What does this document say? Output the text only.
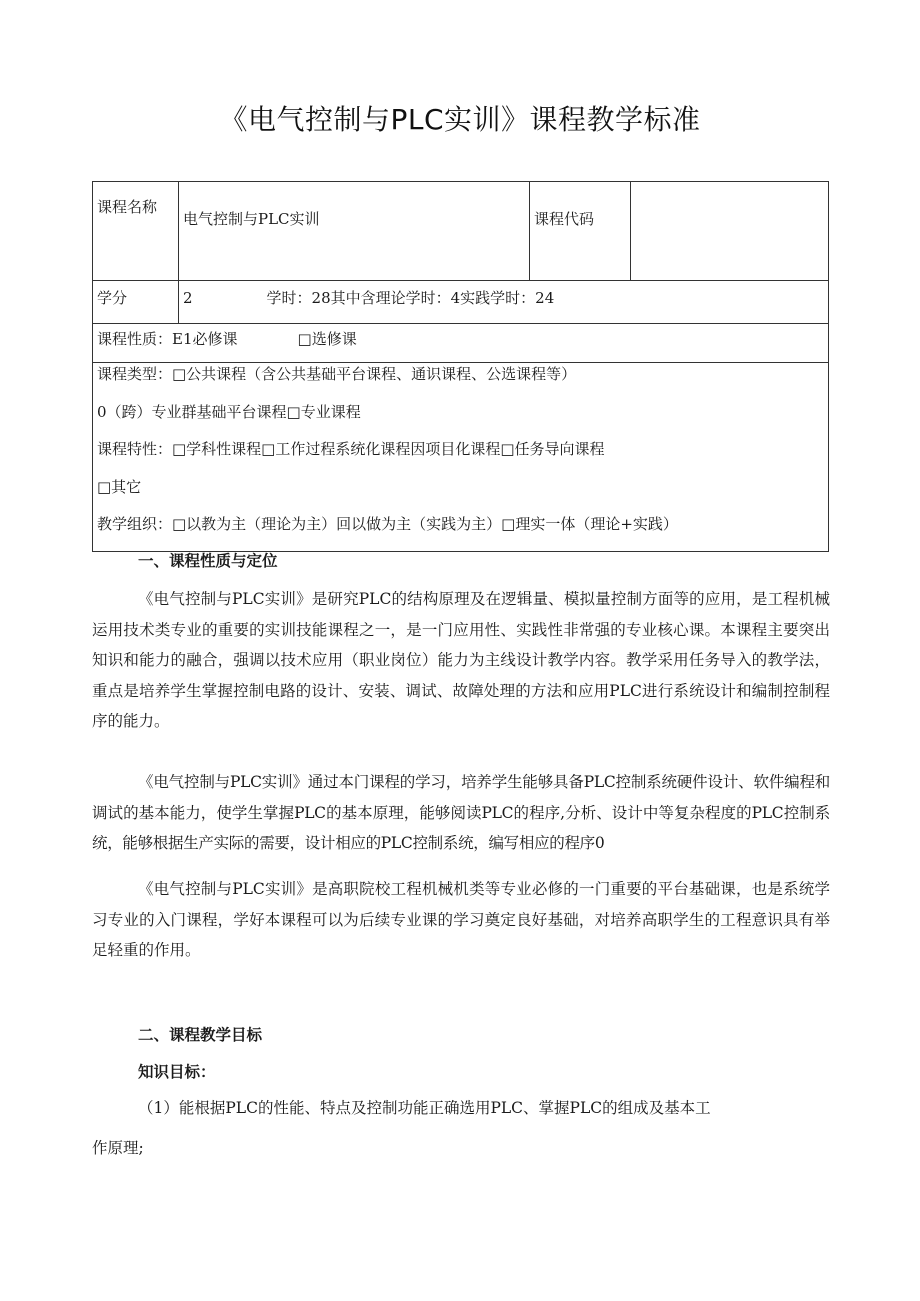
《电气控制与PLC实训》课程教学标准
课程名称	电气控制与PLC实训	课程代码	
学分	2 学时：28其中含理论学时：4实践学时：24		
课程性质：E1必修课 □选修课			

课程类型：□公共课程（含公共基础平台课程、通识课程、公选课程等）
0（跨）专业群基础平台课程□专业课程
课程特性：□学科性课程□工作过程系统化课程因项目化课程□任务导向课程
□其它
教学组织：□以教为主（理论为主）回以做为主（实践为主）□理实一体（理论+实践）			
一、课程性质与定位

《电气控制与PLC实训》是研究PLC的结构原理及在逻辑量、模拟量控制方面等的应用，是工程机械运用技术类专业的重要的实训技能课程之一，是一门应用性、实践性非常强的专业核心课。本课程主要突出知识和能力的融合，强调以技术应用（职业岗位）能力为主线设计教学内容。教学采用任务导入的教学法，重点是培养学生掌握控制电路的设计、安装、调试、故障处理的方法和应用PLC进行系统设计和编制控制程序的能力。

《电气控制与PLC实训》通过本门课程的学习，培养学生能够具备PLC控制系统硬件设计、软件编程和调试的基本能力，使学生掌握PLC的基本原理，能够阅读PLC的程序,分析、设计中等复杂程度的PLC控制系统，能够根据生产实际的需要，设计相应的PLC控制系统，编写相应的程序0

《电气控制与PLC实训》是高职院校工程机械机类等专业必修的一门重要的平台基础课，也是系统学习专业的入门课程，学好本课程可以为后续专业课的学习奠定良好基础，对培养高职学生的工程意识具有举足轻重的作用。

二、课程教学目标
知识目标：
（1）能根据PLC的性能、特点及控制功能正确选用PLC、掌握PLC的组成及基本工
作原理;
